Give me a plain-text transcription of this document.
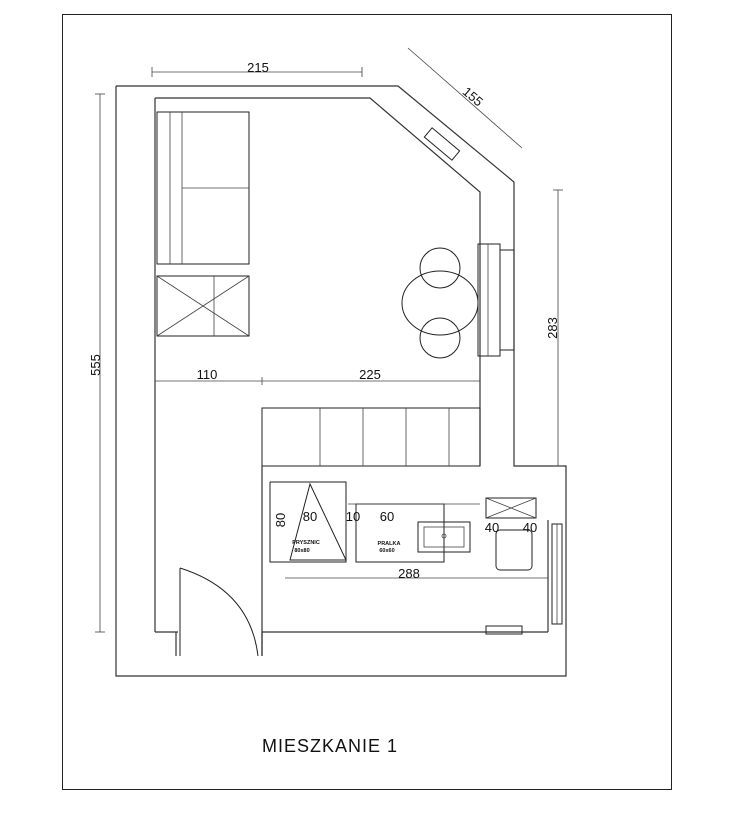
215
155
555
283
110	225
80
80	10 60
288
40 40
PRYSZNIC
80x80
PRALKA
60x60
MIESZKANIE 1
